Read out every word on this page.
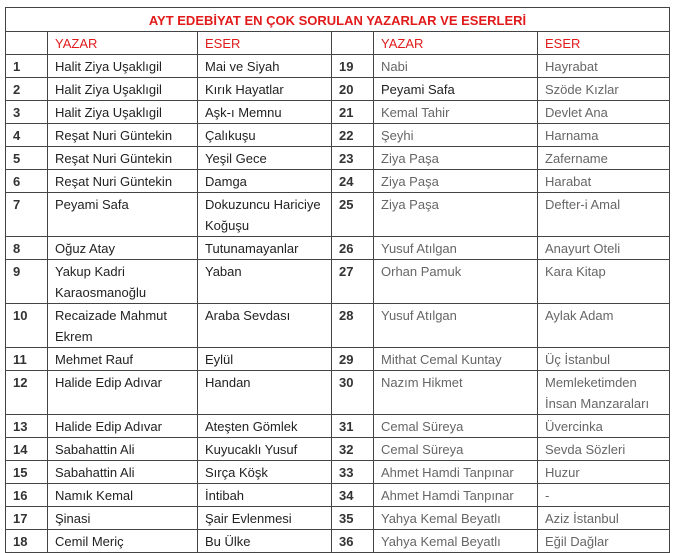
AYT EDEBİYAT EN ÇOK SORULAN YAZARLAR VE ESERLERİ					
	YAZAR	ESER		YAZAR	ESER
1	Halit Ziya Uşaklıgil	Mai ve Siyah	19	Nabi	Hayrabat
2	Halit Ziya Uşaklıgil	Kırık Hayatlar	20	Peyami Safa	Szöde Kızlar
3	Halit Ziya Uşaklıgil	Aşk-ı Memnu	21	Kemal Tahir	Devlet Ana
4	Reşat Nuri Güntekin	Çalıkuşu	22	Şeyhi	Harnama
5	Reşat Nuri Güntekin	Yeşil Gece	23	Ziya Paşa	Zafername
6	Reşat Nuri Güntekin	Damga	24	Ziya Paşa	Harabat
7	Peyami Safa	Dokuzuncu Hariciye Koğuşu	25	Ziya Paşa	Defter-i Amal
8	Oğuz Atay	Tutunamayanlar	26	Yusuf Atılgan	Anayurt Oteli
9	Yakup Kadri Karaosmanoğlu	Yaban	27	Orhan Pamuk	Kara Kitap
10	Recaizade Mahmut Ekrem	Araba Sevdası	28	Yusuf Atılgan	Aylak Adam
11	Mehmet Rauf	Eylül	29	Mithat Cemal Kuntay	Üç İstanbul
12	Halide Edip Adıvar	Handan	30	Nazım Hikmet	Memleketimden İnsan Manzaraları
13	Halide Edip Adıvar	Ateşten Gömlek	31	Cemal Süreya	Üvercinka
14	Sabahattin Ali	Kuyucaklı Yusuf	32	Cemal Süreya	Sevda Sözleri
15	Sabahattin Ali	Sırça Köşk	33	Ahmet Hamdi Tanpınar	Huzur
16	Namık Kemal	İntibah	34	Ahmet Hamdi Tanpınar	-
17	Şinasi	Şair Evlenmesi	35	Yahya Kemal Beyatlı	Aziz İstanbul
18	Cemil Meriç	Bu Ülke	36	Yahya Kemal Beyatlı	Eğil Dağlar
